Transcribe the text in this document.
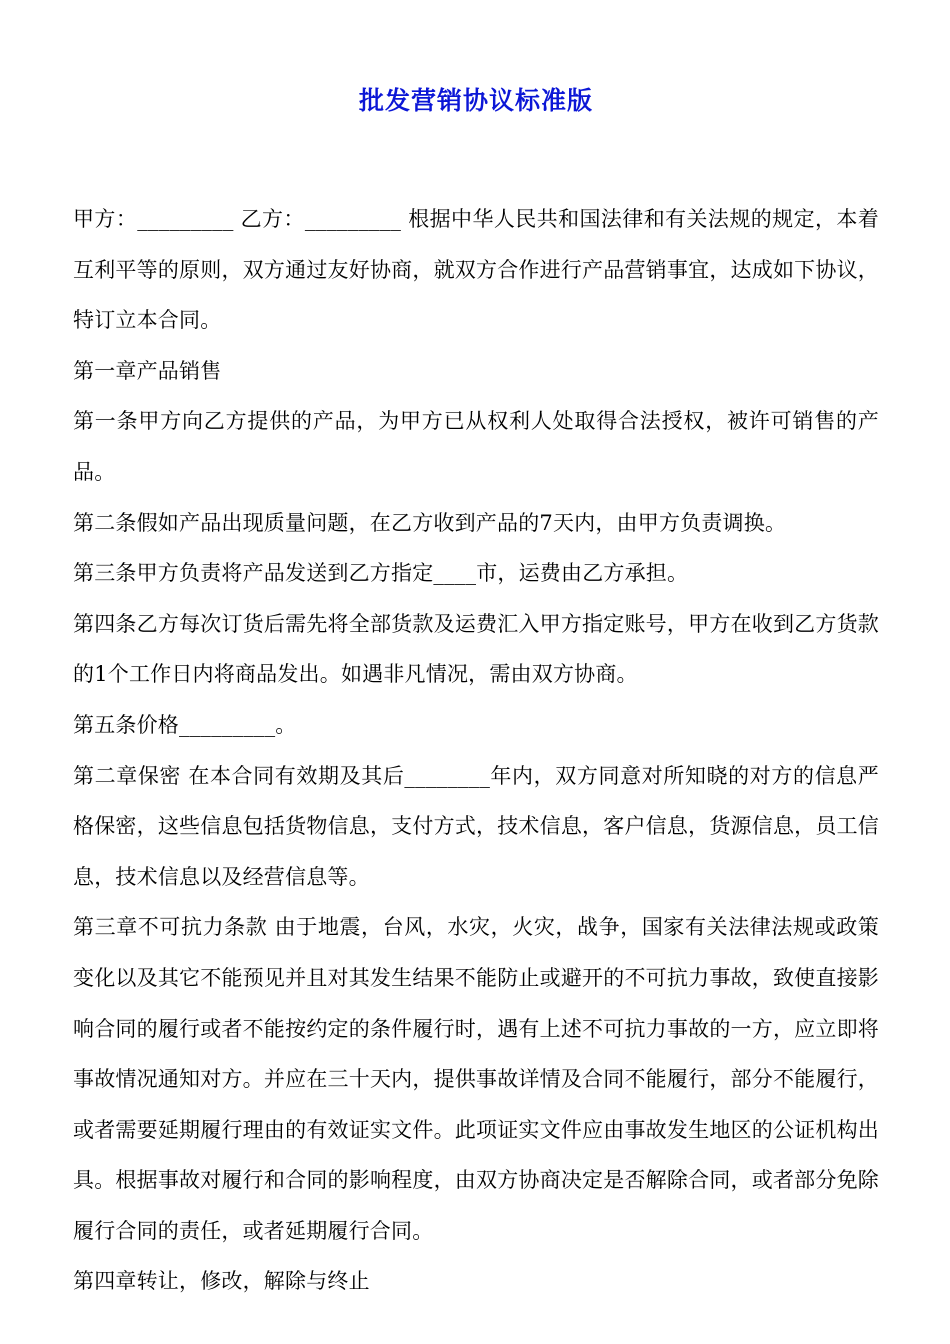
批发营销协议标准版

甲方：_________ 乙方：_________ 根据中华人民共和国法律和有关法规的规定，本着互利平等的原则，双方通过友好协商，就双方合作进行产品营销事宜，达成如下协议，特订立本合同。

第一章产品销售

第一条甲方向乙方提供的产品，为甲方已从权利人处取得合法授权，被许可销售的产品。

第二条假如产品出现质量问题，在乙方收到产品的7天内，由甲方负责调换。

第三条甲方负责将产品发送到乙方指定____市，运费由乙方承担。

第四条乙方每次订货后需先将全部货款及运费汇入甲方指定账号，甲方在收到乙方货款的1个工作日内将商品发出。如遇非凡情况，需由双方协商。

第五条价格_________。

第二章保密 在本合同有效期及其后________年内，双方同意对所知晓的对方的信息严格保密，这些信息包括货物信息，支付方式，技术信息，客户信息，货源信息，员工信息，技术信息以及经营信息等。

第三章不可抗力条款 由于地震，台风，水灾，火灾，战争，国家有关法律法规或政策变化以及其它不能预见并且对其发生结果不能防止或避开的不可抗力事故，致使直接影响合同的履行或者不能按约定的条件履行时，遇有上述不可抗力事故的一方，应立即将事故情况通知对方。并应在三十天内，提供事故详情及合同不能履行，部分不能履行，或者需要延期履行理由的有效证实文件。此项证实文件应由事故发生地区的公证机构出具。根据事故对履行和合同的影响程度，由双方协商决定是否解除合同，或者部分免除履行合同的责任，或者延期履行合同。

第四章转让，修改，解除与终止
